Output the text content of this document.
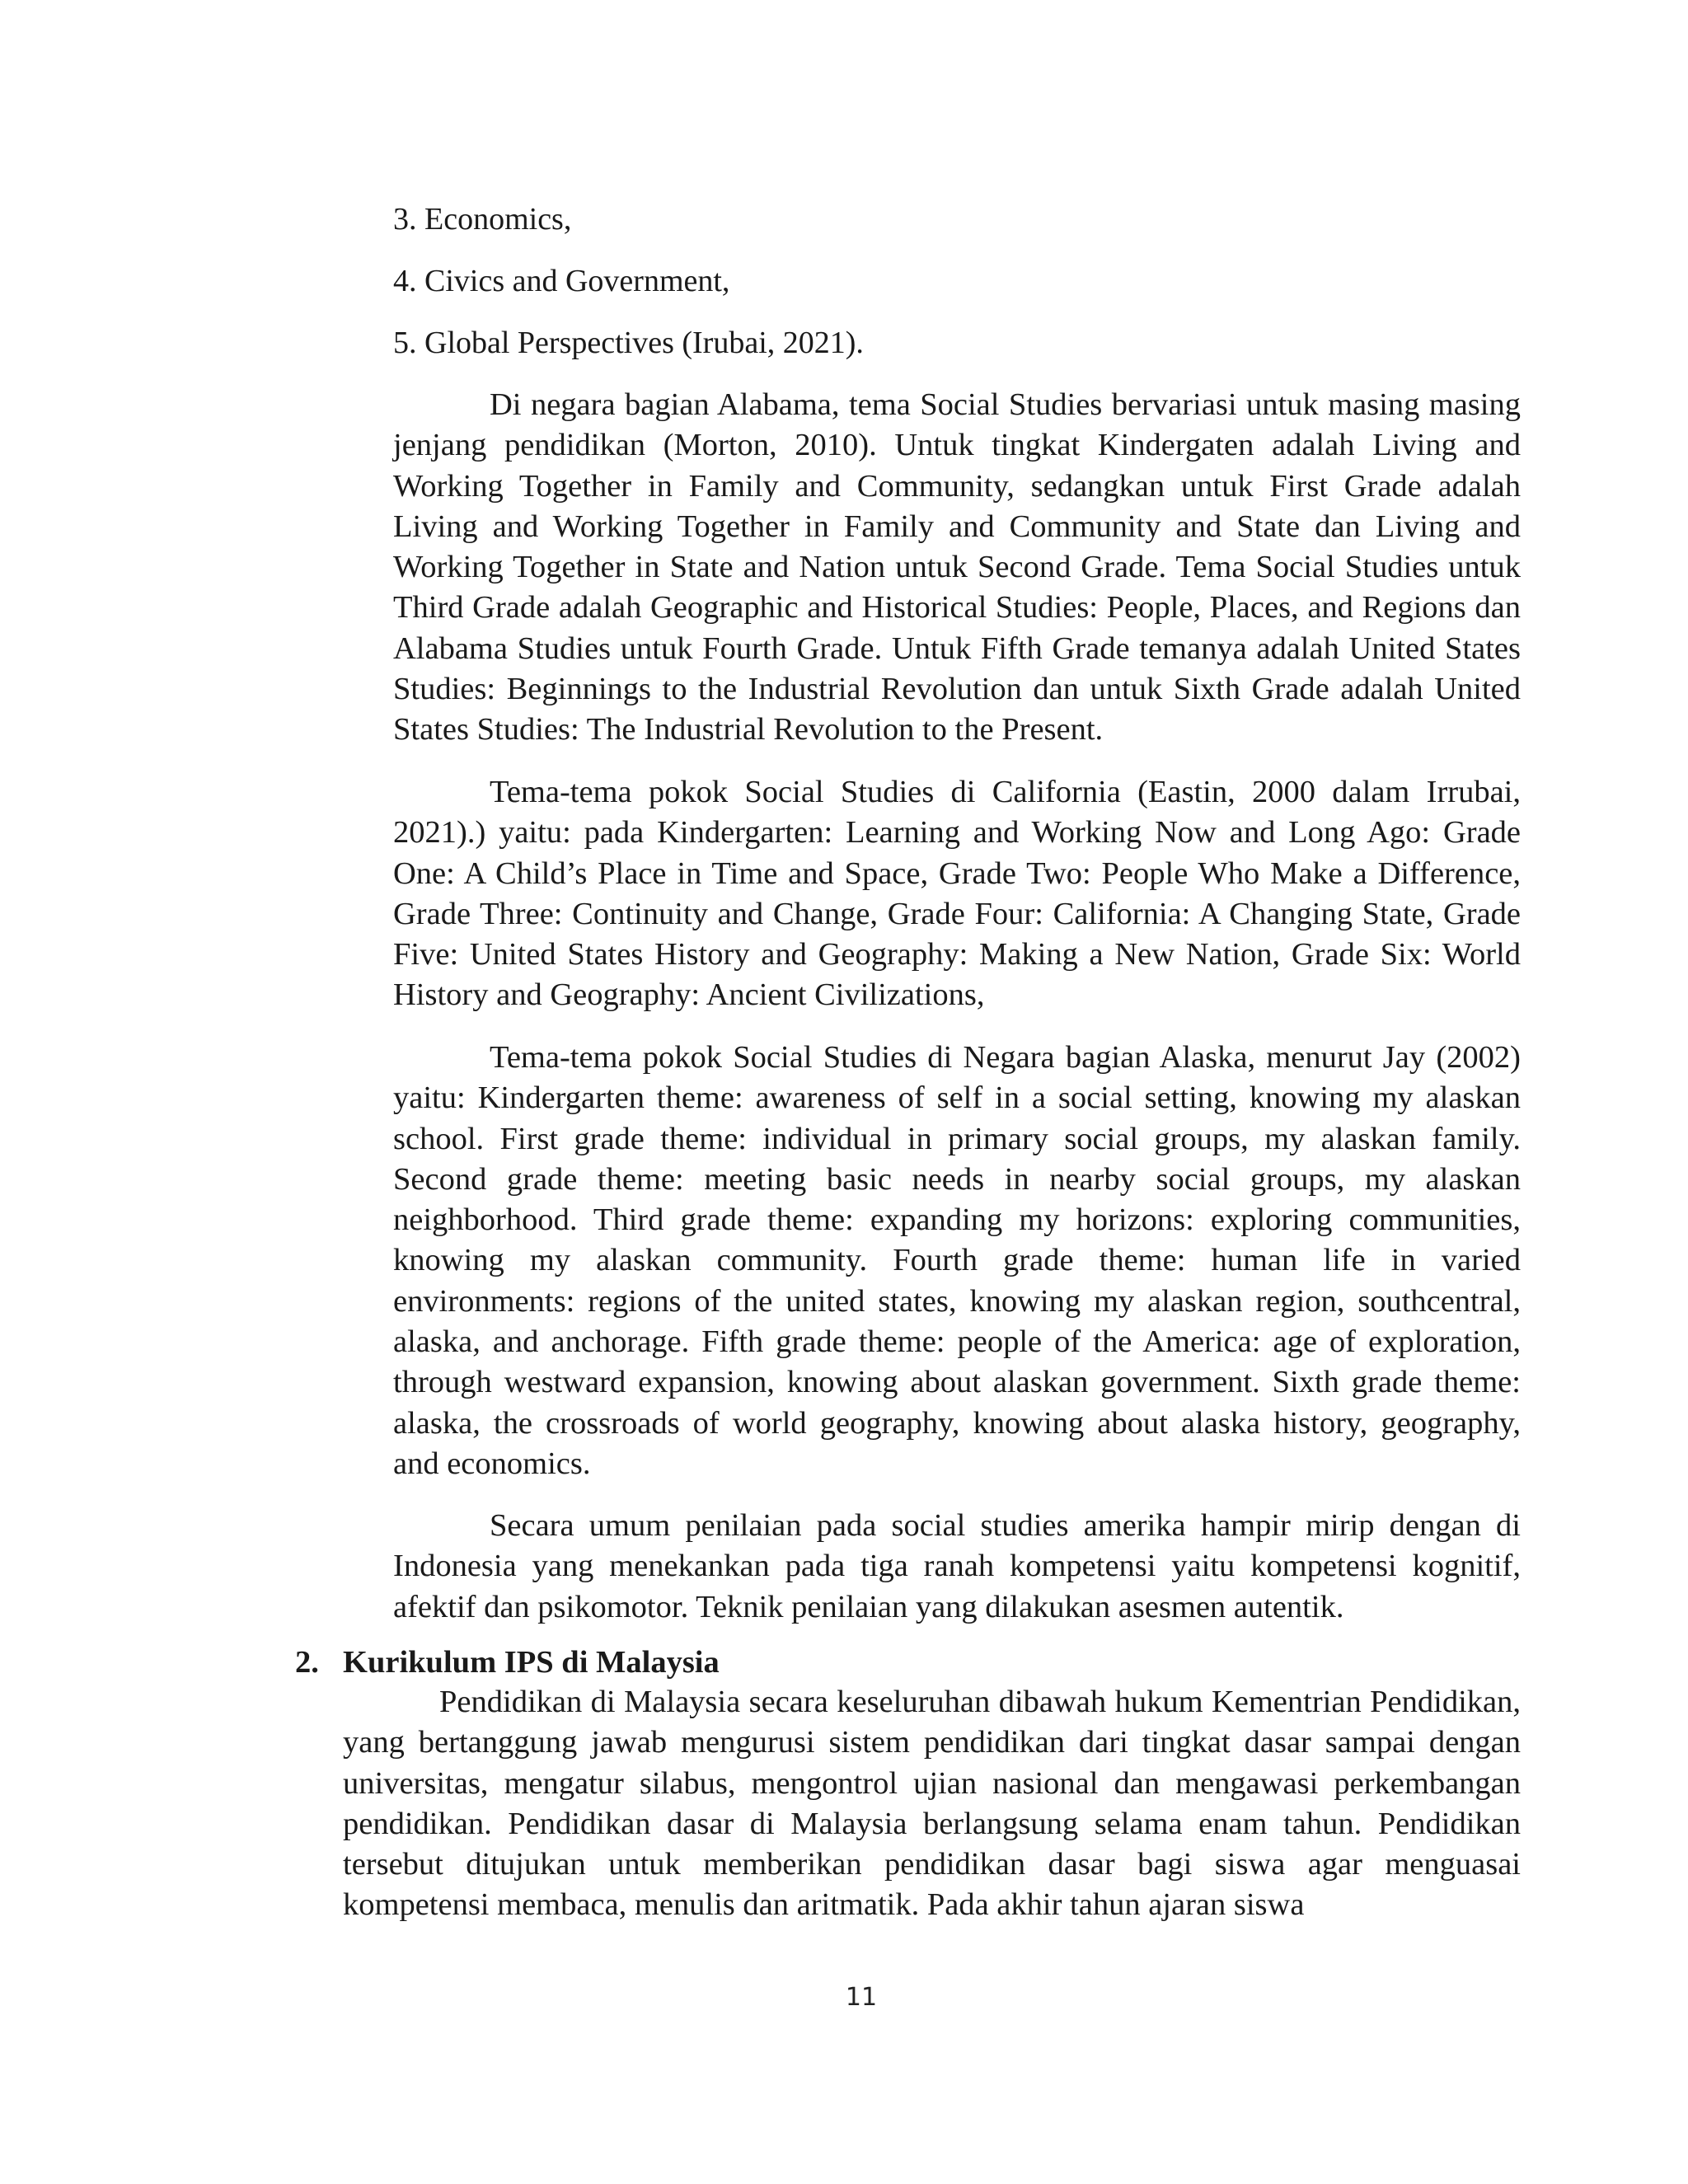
3. Economics,
4. Civics and Government,
5. Global Perspectives (Irubai, 2021).

Di negara bagian Alabama, tema Social Studies bervariasi untuk masing masing jenjang pendidikan (Morton, 2010). Untuk tingkat Kindergaten adalah Living and Working Together in Family and Community, sedangkan untuk First Grade adalah Living and Working Together in Family and Community and State dan Living and Working Together in State and Nation untuk Second Grade. Tema Social Studies untuk Third Grade adalah Geographic and Historical Studies: People, Places, and Regions dan Alabama Studies untuk Fourth Grade. Untuk Fifth Grade temanya adalah United States Studies: Beginnings to the Industrial Revolution dan untuk Sixth Grade adalah United States Studies: The Industrial Revolution to the Present.

Tema-tema pokok Social Studies di California (Eastin, 2000 dalam Irrubai, 2021).) yaitu: pada Kindergarten: Learning and Working Now and Long Ago: Grade One: A Child’s Place in Time and Space, Grade Two: People Who Make a Difference, Grade Three: Continuity and Change, Grade Four: California: A Changing State, Grade Five: United States History and Geography: Making a New Nation, Grade Six: World History and Geography: Ancient Civilizations,

Tema-tema pokok Social Studies di Negara bagian Alaska, menurut Jay (2002) yaitu: Kindergarten theme: awareness of self in a social setting, knowing my alaskan school. First grade theme: individual in primary social groups, my alaskan family. Second grade theme: meeting basic needs in nearby social groups, my alaskan neighborhood. Third grade theme: expanding my horizons: exploring communities, knowing my alaskan community. Fourth grade theme: human life in varied environments: regions of the united states, knowing my alaskan region, southcentral, alaska, and anchorage. Fifth grade theme: people of the America: age of exploration, through westward expansion, knowing about alaskan government. Sixth grade theme: alaska, the crossroads of world geography, knowing about alaska history, geography, and economics.

Secara umum penilaian pada social studies amerika hampir mirip dengan di Indonesia yang menekankan pada tiga ranah kompetensi yaitu kompetensi kognitif, afektif dan psikomotor. Teknik penilaian yang dilakukan asesmen autentik.

2. Kurikulum IPS di Malaysia

Pendidikan di Malaysia secara keseluruhan dibawah hukum Kementrian Pendidikan, yang bertanggung jawab mengurusi sistem pendidikan dari tingkat dasar sampai dengan universitas, mengatur silabus, mengontrol ujian nasional dan mengawasi perkembangan pendidikan. Pendidikan dasar di Malaysia berlangsung selama enam tahun. Pendidikan tersebut ditujukan untuk memberikan pendidikan dasar bagi siswa agar menguasai kompetensi membaca, menulis dan aritmatik. Pada akhir tahun ajaran siswa

11
